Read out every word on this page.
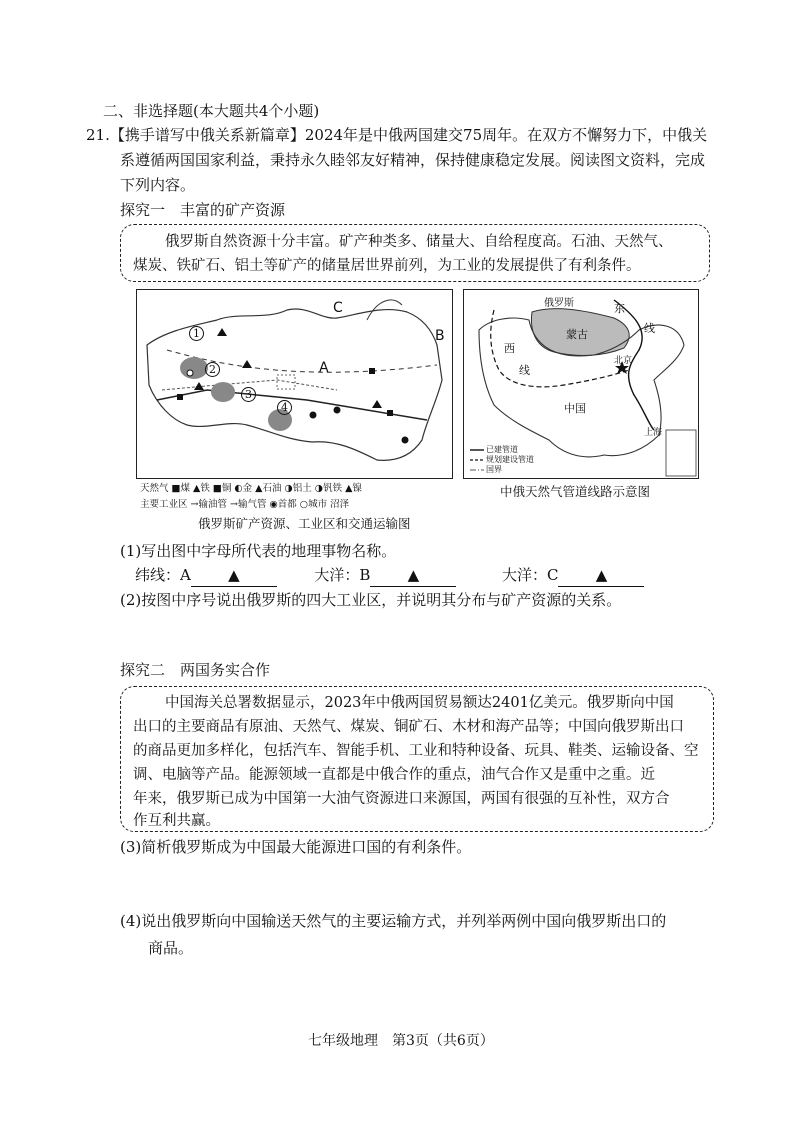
二、非选择题(本大题共4个小题)
21.【携手谱写中俄关系新篇章】2024年是中俄两国建交75周年。在双方不懈努力下，中俄关
系遵循两国国家利益，秉持永久睦邻友好精神，保持健康稳定发展。阅读图文资料，完成
下列内容。
探究一　丰富的矿产资源

俄罗斯自然资源十分丰富。矿产种类多、储量大、自给程度高。石油、天然气、

煤炭、铁矿石、铝土等矿产的储量居世界前列，为工业的发展提供了有利条件。

C
B
A
1
2
3
4
天然气 ■煤 ▲铁 ■铜 ◐金 ▲石油 ◑铝土 ◑钒铁 ▲镍
主要工业区 →输油管 →输气管 ◉首都 ○城市 沼泽
俄罗斯矿产资源、工业区和交通运输图
俄罗斯
蒙古
中国
北京
上海
东
线
西
线
已建管道
规划建设管道
国界
中俄天然气管道线路示意图
(1)写出图中字母所代表的地理事物名称。
纬线：A ▲	大洋：B ▲	大洋：C ▲
(2)按图中序号说出俄罗斯的四大工业区，并说明其分布与矿产资源的关系。
探究二　两国务实合作

中国海关总署数据显示，2023年中俄两国贸易额达2401亿美元。俄罗斯向中国

出口的主要商品有原油、天然气、煤炭、铜矿石、木材和海产品等；中国向俄罗斯出口

的商品更加多样化，包括汽车、智能手机、工业和特种设备、玩具、鞋类、运输设备、空

调、电脑等产品。能源领域一直都是中俄合作的重点，油气合作又是重中之重。近

年来，俄罗斯已成为中国第一大油气资源进口来源国，两国有很强的互补性，双方合

作互利共赢。

(3)简析俄罗斯成为中国最大能源进口国的有利条件。
(4)说出俄罗斯向中国输送天然气的主要运输方式，并列举两例中国向俄罗斯出口的
商品。
七年级地理　第3页（共6页）
